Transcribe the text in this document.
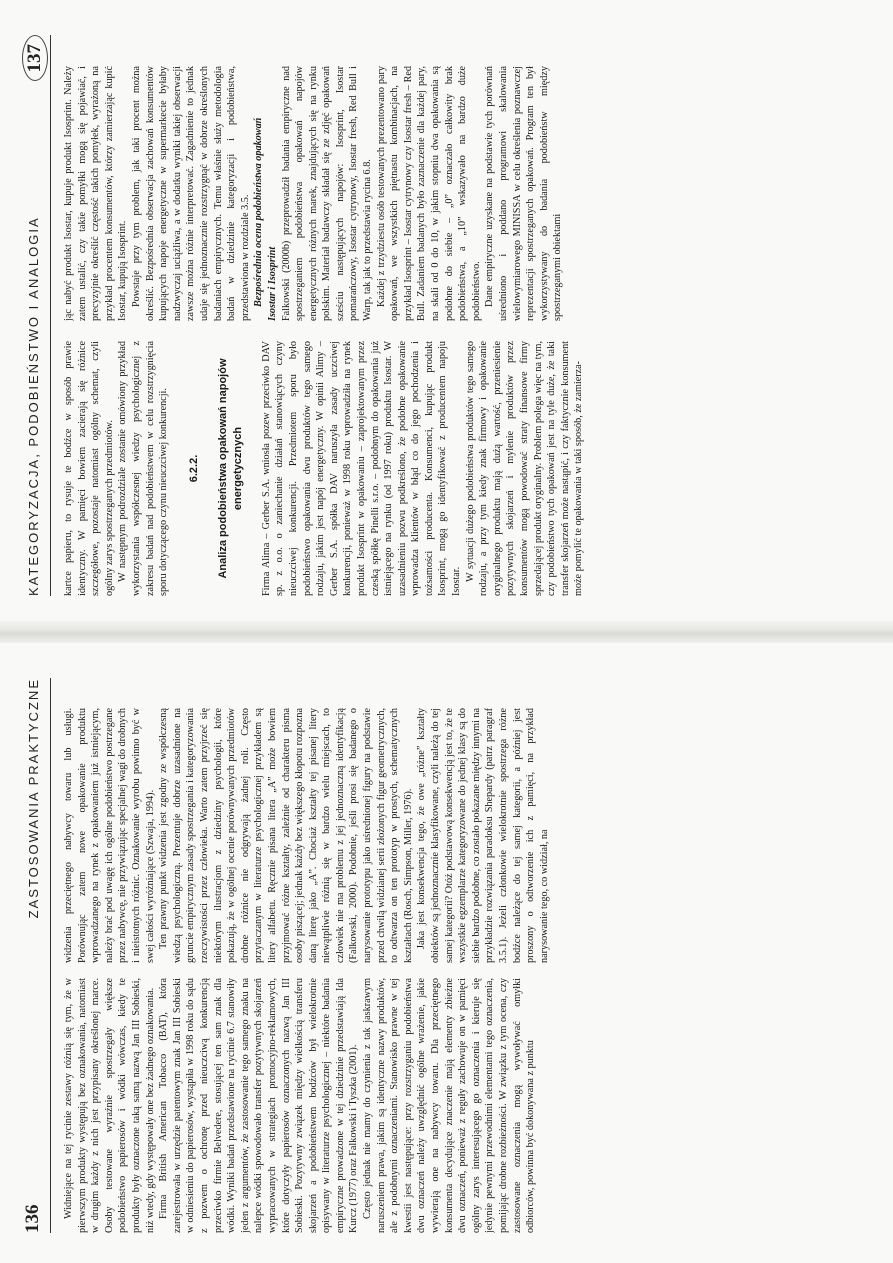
136
ZASTOSOWANIA PRAKTYCZNE

Widniejące na tej rycinie zestawy różnią się tym, że w pierwszym produkty występują bez oznakowania, natomiast w drugim każdy z nich jest przypisany określonej marce. Osoby testowane wyraźnie spostrzegały większe podobieństwo papierosów i wódki wówczas, kiedy te produkty były oznaczone taką samą nazwą Jan III Sobieski, niż wtedy, gdy występowały one bez żadnego oznakowania. Firma British American Tobacco (BAT), która zarejestrowała w urzędzie patentowym znak Jan III Sobieski w odniesieniu do papierosów, wystąpiła w 1998 roku do sądu z pozwem o ochronę przed nieuczciwą konkurencją przeciwko firmie Belvedere, stosującej ten sam znak dla wódki. Wyniki badań przedstawione na rycinie 6.7 stanowiły jeden z argumentów, że zastosowanie tego samego znaku na nalepce wódki spowodowało transfer pozytywnych skojarzeń wypracowanych w strategiach promocyjno-reklamowych, które dotyczyły papierosów oznaczonych nazwą Jan III Sobieski. Pozytywny związek między wielkością transferu skojarzeń a podobieństwem bodźców był wielokrotnie opisywany w literaturze psychologicznej – niektóre badania empiryczne prowadzone w tej dziedzinie przedstawiają Ida Kurcz (1977) oraz Falkowski i Tyszka (2001). Często jednak nie mamy do czynienia z tak jaskrawym naruszeniem prawa, jakim są identyczne nazwy produktów, ale z podobnymi oznaczeniami. Stanowisko prawne w tej kwestii jest następujące: przy rozstrzyganiu podobieństwa dwu oznaczeń należy uwzględnić ogólne wrażenie, jakie wywierają one na nabywcy towaru. Dla przeciętnego konsumenta decydujące znaczenie mają elementy zbieżne dwu oznaczeń, ponieważ z reguły zachowuje on w pamięci ogólny zarys interesującego go oznaczenia i kieruje się jedynie pewnymi przewodnimi elementami tego oznaczenia, pomijając drobne rozbieżności. W związku z tym ocena, czy zastosowane oznaczenia mogą wywoływać omyłki odbiorców, powinna być dokonywana z punktu

widzenia przeciętnego nabywcy towaru lub usługi. Porównując zatem nowe opakowanie produktu wprowadzanego na rynek z opakowaniem już istniejącym, należy brać pod uwagę ich ogólne podobieństwo postrzegane przez nabywcę, nie przywiązując specjalnej wagi do drobnych i nieistotnych różnic. Oznakowanie wyrobu powinno być w swej całości wyróżniające (Szwaja, 1994). Ten prawny punkt widzenia jest zgodny ze współczesną wiedzą psychologiczną. Prezentuje dobrze uzasadnione na gruncie empirycznym zasady spostrzegania i kategoryzowania rzeczywistości przez człowieka. Warto zatem przyjrzeć się niektórym ilustracjom z dziedziny psychologii, które pokazują, że w ogólnej ocenie porównywanych przedmiotów drobne różnice nie odgrywają żadnej roli. Często przytaczanym w literaturze psychologicznej przykładem są litery alfabetu. Ręcznie pisana litera „A” może bowiem przyjmować różne kształty, zależnie od charakteru pisma osoby piszącej; jednak każdy bez większego kłopotu rozpozna daną literę jako „A”. Chociaż kształty tej pisanej litery niewątpliwie różnią się w bardzo wielu miejscach, to człowiek nie ma problemu z jej jednoznaczną identyfikacją (Falkowski, 2000). Podobnie, jeśli prosi się badanego o narysowanie prototypu jako uśrednionej figury na podstawie przed chwilą widzianej serii złożonych figur geometrycznych, to odtwarza on ten prototyp w prostych, schematycznych kształtach (Rosch, Simpson, Miller, 1976). Jaka jest konsekwencja tego, że owe „różne” kształty obiektów są jednoznacznie klasyfikowane, czyli należą do tej samej kategorii? Otóż podstawową konsekwencją jest to, że te wszystkie egzemplarze kategoryzowane do jednej klasy są do siebie bardzo podobne, co zostało pokazane między innymi na przykładzie rozwiązania paradoksu Shepardy (patrz paragraf 3.5.1). Jeżeli członkowie wielokrotnie spostrzega różne bodźce należące do tej samej kategorii, a później jest proszony o odtworzenie ich z pamięci, na przykład narysowanie tego, co widział, na

KATEGORYZACJA, PODOBIEŃSTWO I ANALOGIA
137

kartce papieru, to rysuje te bodźce w sposób prawie identyczny. W pamięci bowiem zacierają się różnice szczegółowe, pozostaje natomiast ogólny schemat, czyli ogólny zarys spostrzeganych przedmiotów. W następnym podrozdziale zostanie omówiony przykład wykorzystania współczesnej wiedzy psychologicznej z zakresu badań nad podobieństwem w celu rozstrzygnięcia sporu dotyczącego czynu nieuczciwej konkurencji. 6.2.2. Analiza podobieństwa opakowań napojów energetycznych Firma Alima – Gerber S.A. wniosła pozew przeciwko DAV sp. z o.o. o zaniechanie działań stanowiących czyny nieuczciwej konkurencji. Przedmiotem sporu było podobieństwo opakowania dwu produktów tego samego rodzaju, jakim jest napój energetyczny. W opinii Alimy – Gerber S.A. spółka DAV naruszyła zasady uczciwej konkurencji, ponieważ w 1998 roku wprowadziła na rynek produkt Isosprint w opakowaniu – zaprojektowanym przez czeską spółkę Pinelli s.r.o. – podobnym do opakowania już istniejącego na rynku (od 1997 roku) produktu Isostar. W uzasadnieniu pozwu podkreślono, że podobne opakowanie wprowadza klientów w błąd co do jego pochodzenia i tożsamości producenta. Konsumenci, kupując produkt Isosprint, mogą go identyfikować z producentem napoju Isostar. W sytuacji dużego podobieństwa produktów tego samego rodzaju, a przy tym kiedy znak firmowy i opakowanie oryginalnego produktu mają dużą wartość, przeniesienie pozytywnych skojarzeń i mylenie produktów przez konsumentów mogą powodować straty finansowe firmy sprzedającej produkt oryginalny. Problem polega więc na tym, czy podobieństwo tych opakowań jest na tyle duże, że taki transfer skojarzeń może nastąpić, i czy faktycznie konsument może pomylić te opakowania w taki sposób, że zamierza-

jąc nabyć produkt Isostar, kupuje produkt Isosprint. Należy zatem ustalić, czy takie pomyłki mogą się pojawiać, i precyzyjnie określić częstość takich pomyłek, wyrażoną na przykład procentem konsumentów, którzy zamierzając kupić Isostar, kupują Isosprint. Powstaje przy tym problem, jak taki procent można określić. Bezpośrednia obserwacja zachowań konsumentów kupujących napoje energetyczne w supermarkecie byłaby nadzwyczaj uciążliwa, a w dodatku wyniki takiej obserwacji zawsze można różnie interpretować. Zagadnienie to jednak udaje się jednoznacznie rozstrzygnąć w dobrze określonych badaniach empirycznych. Temu właśnie służy metodologia badań w dziedzinie kategoryzacji i podobieństwa, przedstawiona w rozdziale 3.5. Bezpośrednia ocena podobieństwa opakowań Isostar i Isosprint Falkowski (2000b) przeprowadził badania empiryczne nad spostrzeganiem podobieństwa opakowań napojów energetycznych różnych marek, znajdujących się na rynku polskim. Materiał badawczy składał się ze zdjęć opakowań sześciu następujących napojów: Isosprint, Isostar pomarańczowy, Isostar cytrynowy, Isostar fresh, Red Bull i Warp, tak jak to przedstawia rycina 6.8. Każdej z trzydziestu osób testowanych prezentowano pary opakowań, we wszystkich piętnastu kombinacjach, na przykład Isosprint – Isostar cytrynowy czy Isostar fresh – Red Bull. Zadaniem badanych było zaznaczenie dla każdej pary, na skali od 0 do 10, w jakim stopniu dwa opakowania są podobne do siebie – „0” oznaczało całkowity brak podobieństwa, a „10” wskazywało na bardzo duże podobieństwo. Dane empiryczne uzyskane na podstawie tych porównań uśredniono i poddano programowi skalowania wielowymiarowego MINISSA w celu określenia poznawczej reprezentacji spostrzeganych opakowań. Program ten był wykorzystywany do badania podobieństw między spostrzeganymi obiektami
